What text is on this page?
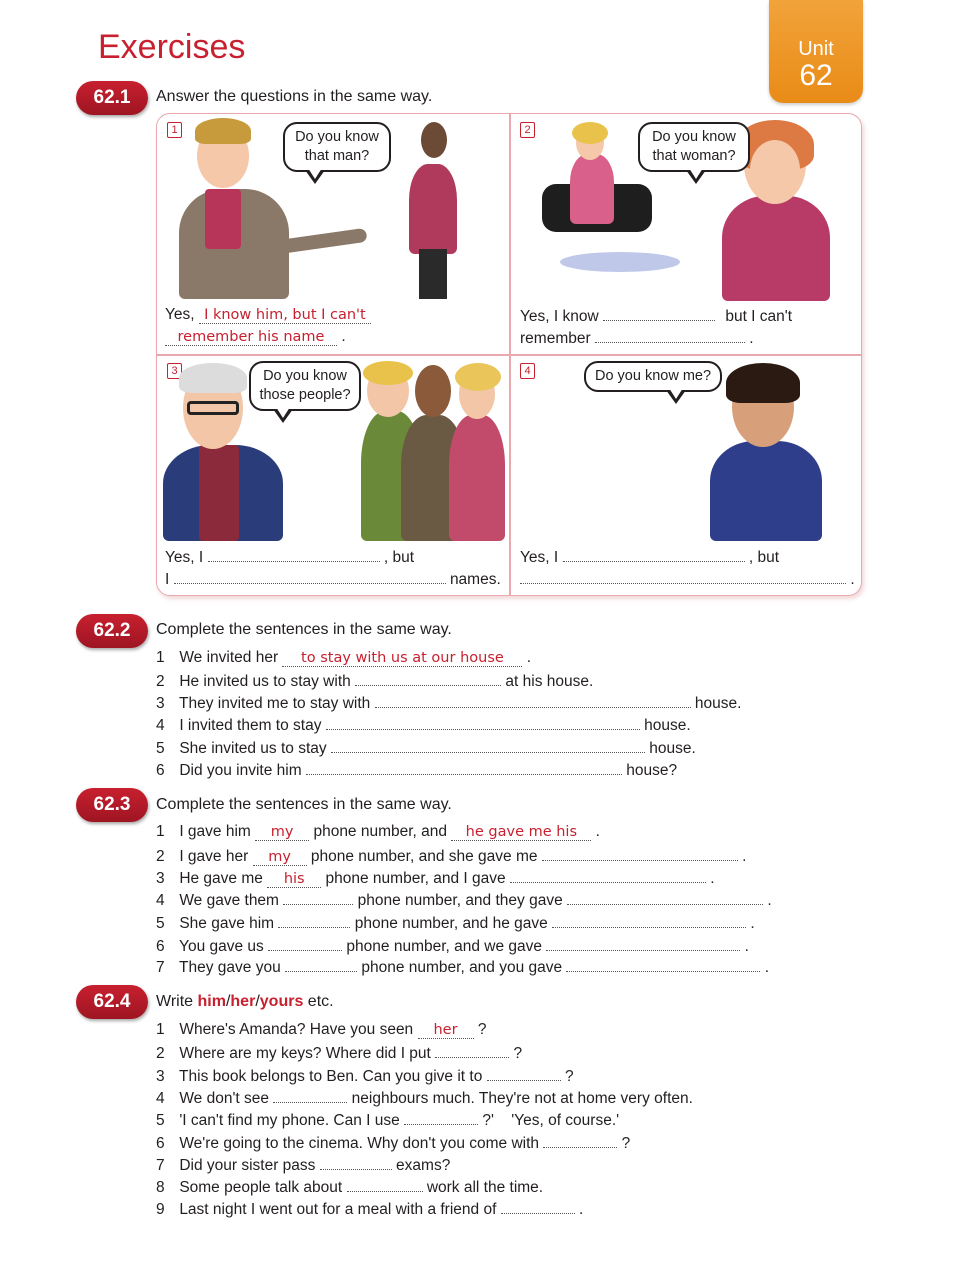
Exercises	Unit
62
62.1	Answer the questions in the same way.
1	Do you know
that man?
Yes, I know him, but I can't
remember his name .
2	Do you know
that woman?
Yes, I know	but I can't
remember	.
3	Do you know
those people?
Yes, I	, but
I	names.
4	Do you know me?
Yes, I	, but
.
62.2	Complete the sentences in the same way.
1 We invited her to stay with us at our house .
2 He invited us to stay with	at his house.
3 They invited me to stay with	house.
4 I invited them to stay	house.
5 She invited us to stay	house.
6 Did you invite him	house?
62.3	Complete the sentences in the same way.
1 I gave him my phone number, and he gave me his .
2 I gave her my phone number, and she gave me	.
3 He gave me his phone number, and I gave	.
4 We gave them	phone number, and they gave	.
5 She gave him	phone number, and he gave	.
6 You gave us	phone number, and we gave	.
7 They gave you	phone number, and you gave	.
62.4	Write him/her/yours etc.
1 Where's Amanda? Have you seen her ?
2 Where are my keys? Where did I put	?
3 This book belongs to Ben. Can you give it to	?
4 We don't see	neighbours much. They're not at home very often.
5 'I can't find my phone. Can I use	?'    'Yes, of course.'
6 We're going to the cinema. Why don't you come with	?
7 Did your sister pass	exams?
8 Some people talk about	work all the time.
9 Last night I went out for a meal with a friend of	.
